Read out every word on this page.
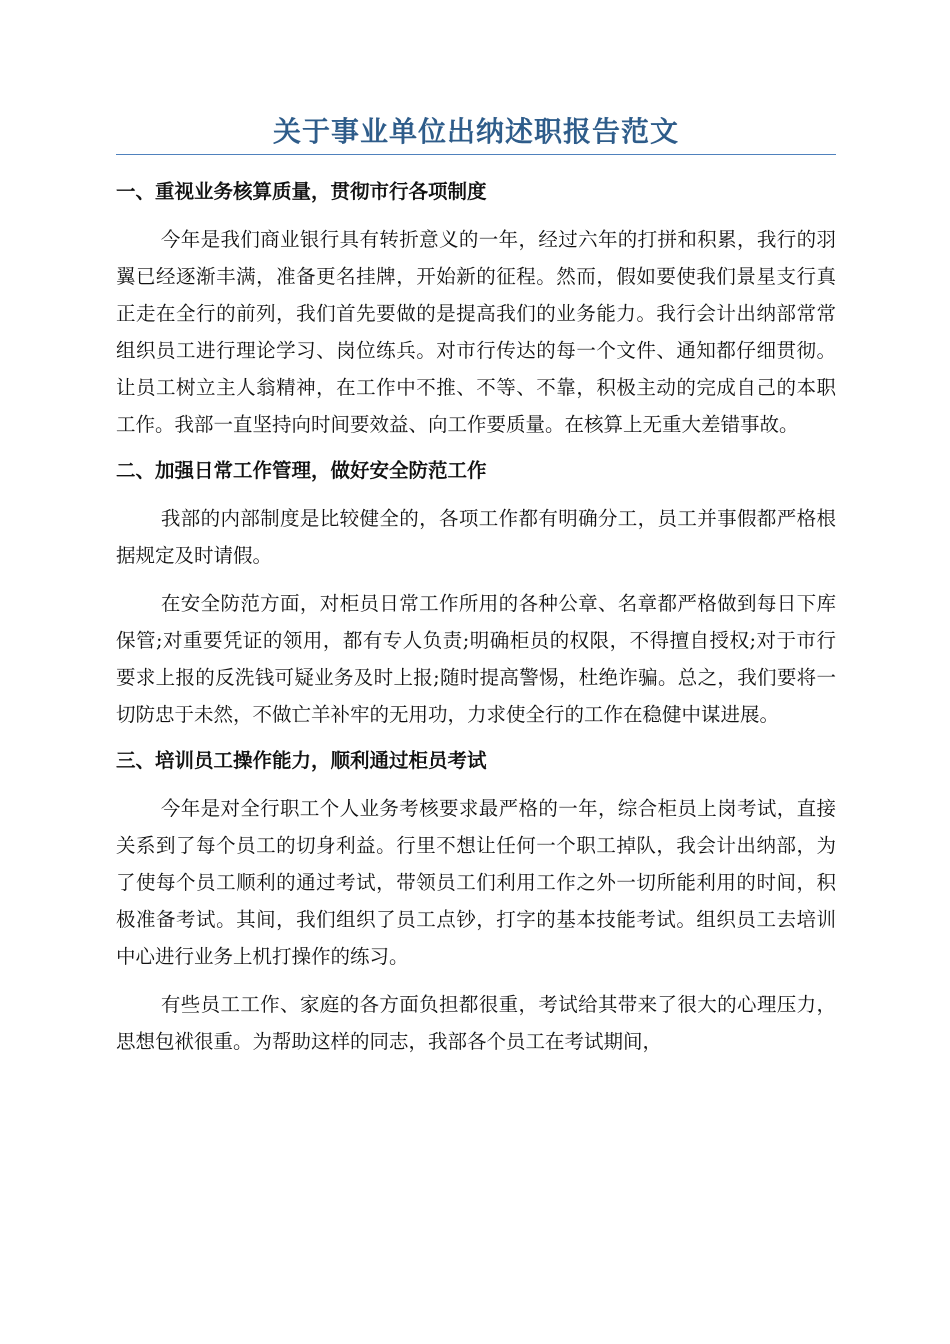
关于事业单位出纳述职报告范文
一、重视业务核算质量，贯彻市行各项制度

今年是我们商业银行具有转折意义的一年，经过六年的打拼和积累，我行的羽翼已经逐渐丰满，准备更名挂牌，开始新的征程。然而，假如要使我们景星支行真正走在全行的前列，我们首先要做的是提高我们的业务能力。我行会计出纳部常常组织员工进行理论学习、岗位练兵。对市行传达的每一个文件、通知都仔细贯彻。让员工树立主人翁精神，在工作中不推、不等、不靠，积极主动的完成自己的本职工作。我部一直坚持向时间要效益、向工作要质量。在核算上无重大差错事故。

二、加强日常工作管理，做好安全防范工作

我部的内部制度是比较健全的，各项工作都有明确分工，员工并事假都严格根据规定及时请假。

在安全防范方面，对柜员日常工作所用的各种公章、名章都严格做到每日下库保管;对重要凭证的领用，都有专人负责;明确柜员的权限，不得擅自授权;对于市行要求上报的反洗钱可疑业务及时上报;随时提高警惕，杜绝诈骗。总之，我们要将一切防忠于未然，不做亡羊补牢的无用功，力求使全行的工作在稳健中谋进展。

三、培训员工操作能力，顺利通过柜员考试

今年是对全行职工个人业务考核要求最严格的一年，综合柜员上岗考试，直接关系到了每个员工的切身利益。行里不想让任何一个职工掉队，我会计出纳部，为了使每个员工顺利的通过考试，带领员工们利用工作之外一切所能利用的时间，积极准备考试。其间，我们组织了员工点钞，打字的基本技能考试。组织员工去培训中心进行业务上机打操作的练习。

有些员工工作、家庭的各方面负担都很重，考试给其带来了很大的心理压力，思想包袱很重。为帮助这样的同志，我部各个员工在考试期间，
